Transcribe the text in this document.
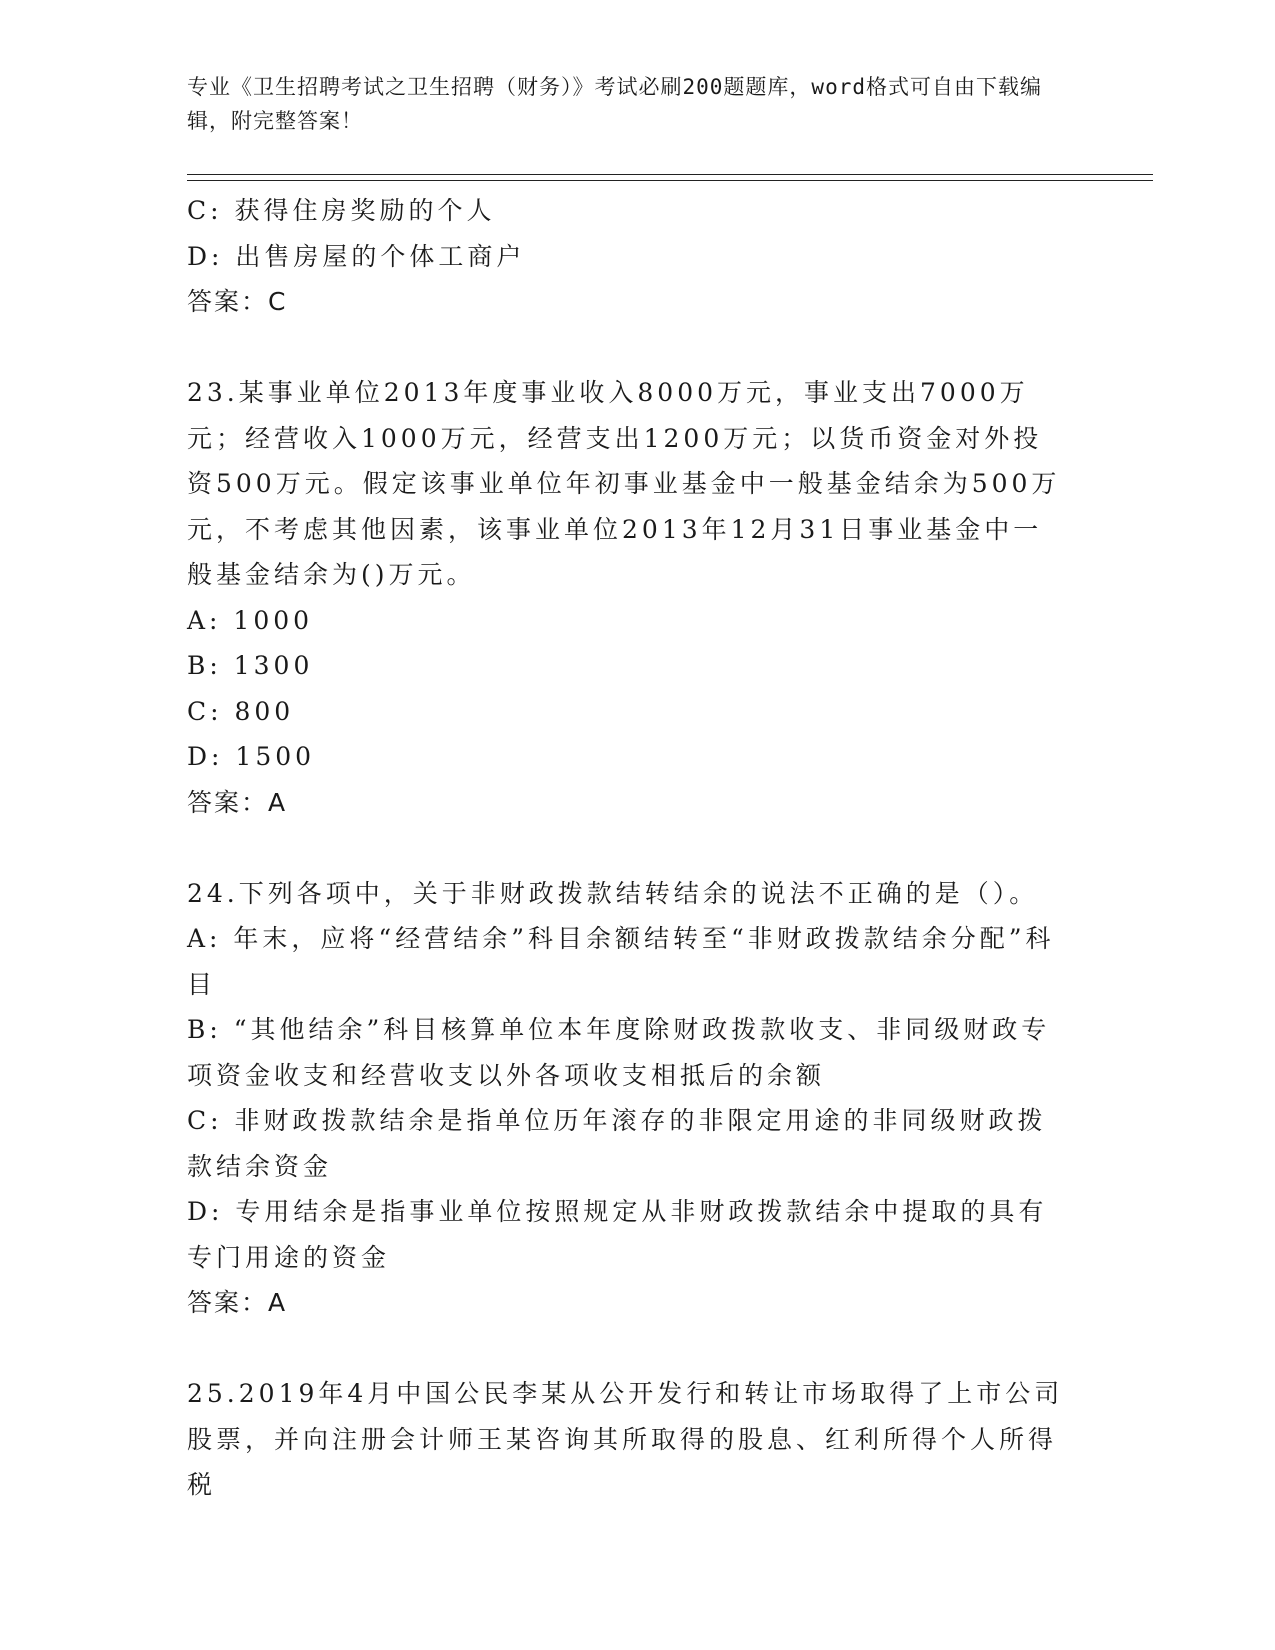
专业《卫生招聘考试之卫生招聘（财务）》考试必刷200题题库，word格式可自由下载编辑，附完整答案！
C: 获得住房奖励的个人
D: 出售房屋的个体工商户
答案：C
23.某事业单位2013年度事业收入8000万元，事业支出7000万元；经营收入1000万元，经营支出1200万元；以货币资金对外投资500万元。假定该事业单位年初事业基金中一般基金结余为500万元，不考虑其他因素，该事业单位2013年12月31日事业基金中一般基金结余为()万元。
A: 1000
B: 1300
C: 800
D: 1500
答案：A
24.下列各项中，关于非财政拨款结转结余的说法不正确的是（）。
A: 年末，应将“经营结余”科目余额结转至“非财政拨款结余分配”科目
B: “其他结余”科目核算单位本年度除财政拨款收支、非同级财政专项资金收支和经营收支以外各项收支相抵后的余额
C: 非财政拨款结余是指单位历年滚存的非限定用途的非同级财政拨款结余资金
D: 专用结余是指事业单位按照规定从非财政拨款结余中提取的具有专门用途的资金
答案：A
25.2019年4月中国公民李某从公开发行和转让市场取得了上市公司股票，并向注册会计师王某咨询其所取得的股息、红利所得个人所得税
